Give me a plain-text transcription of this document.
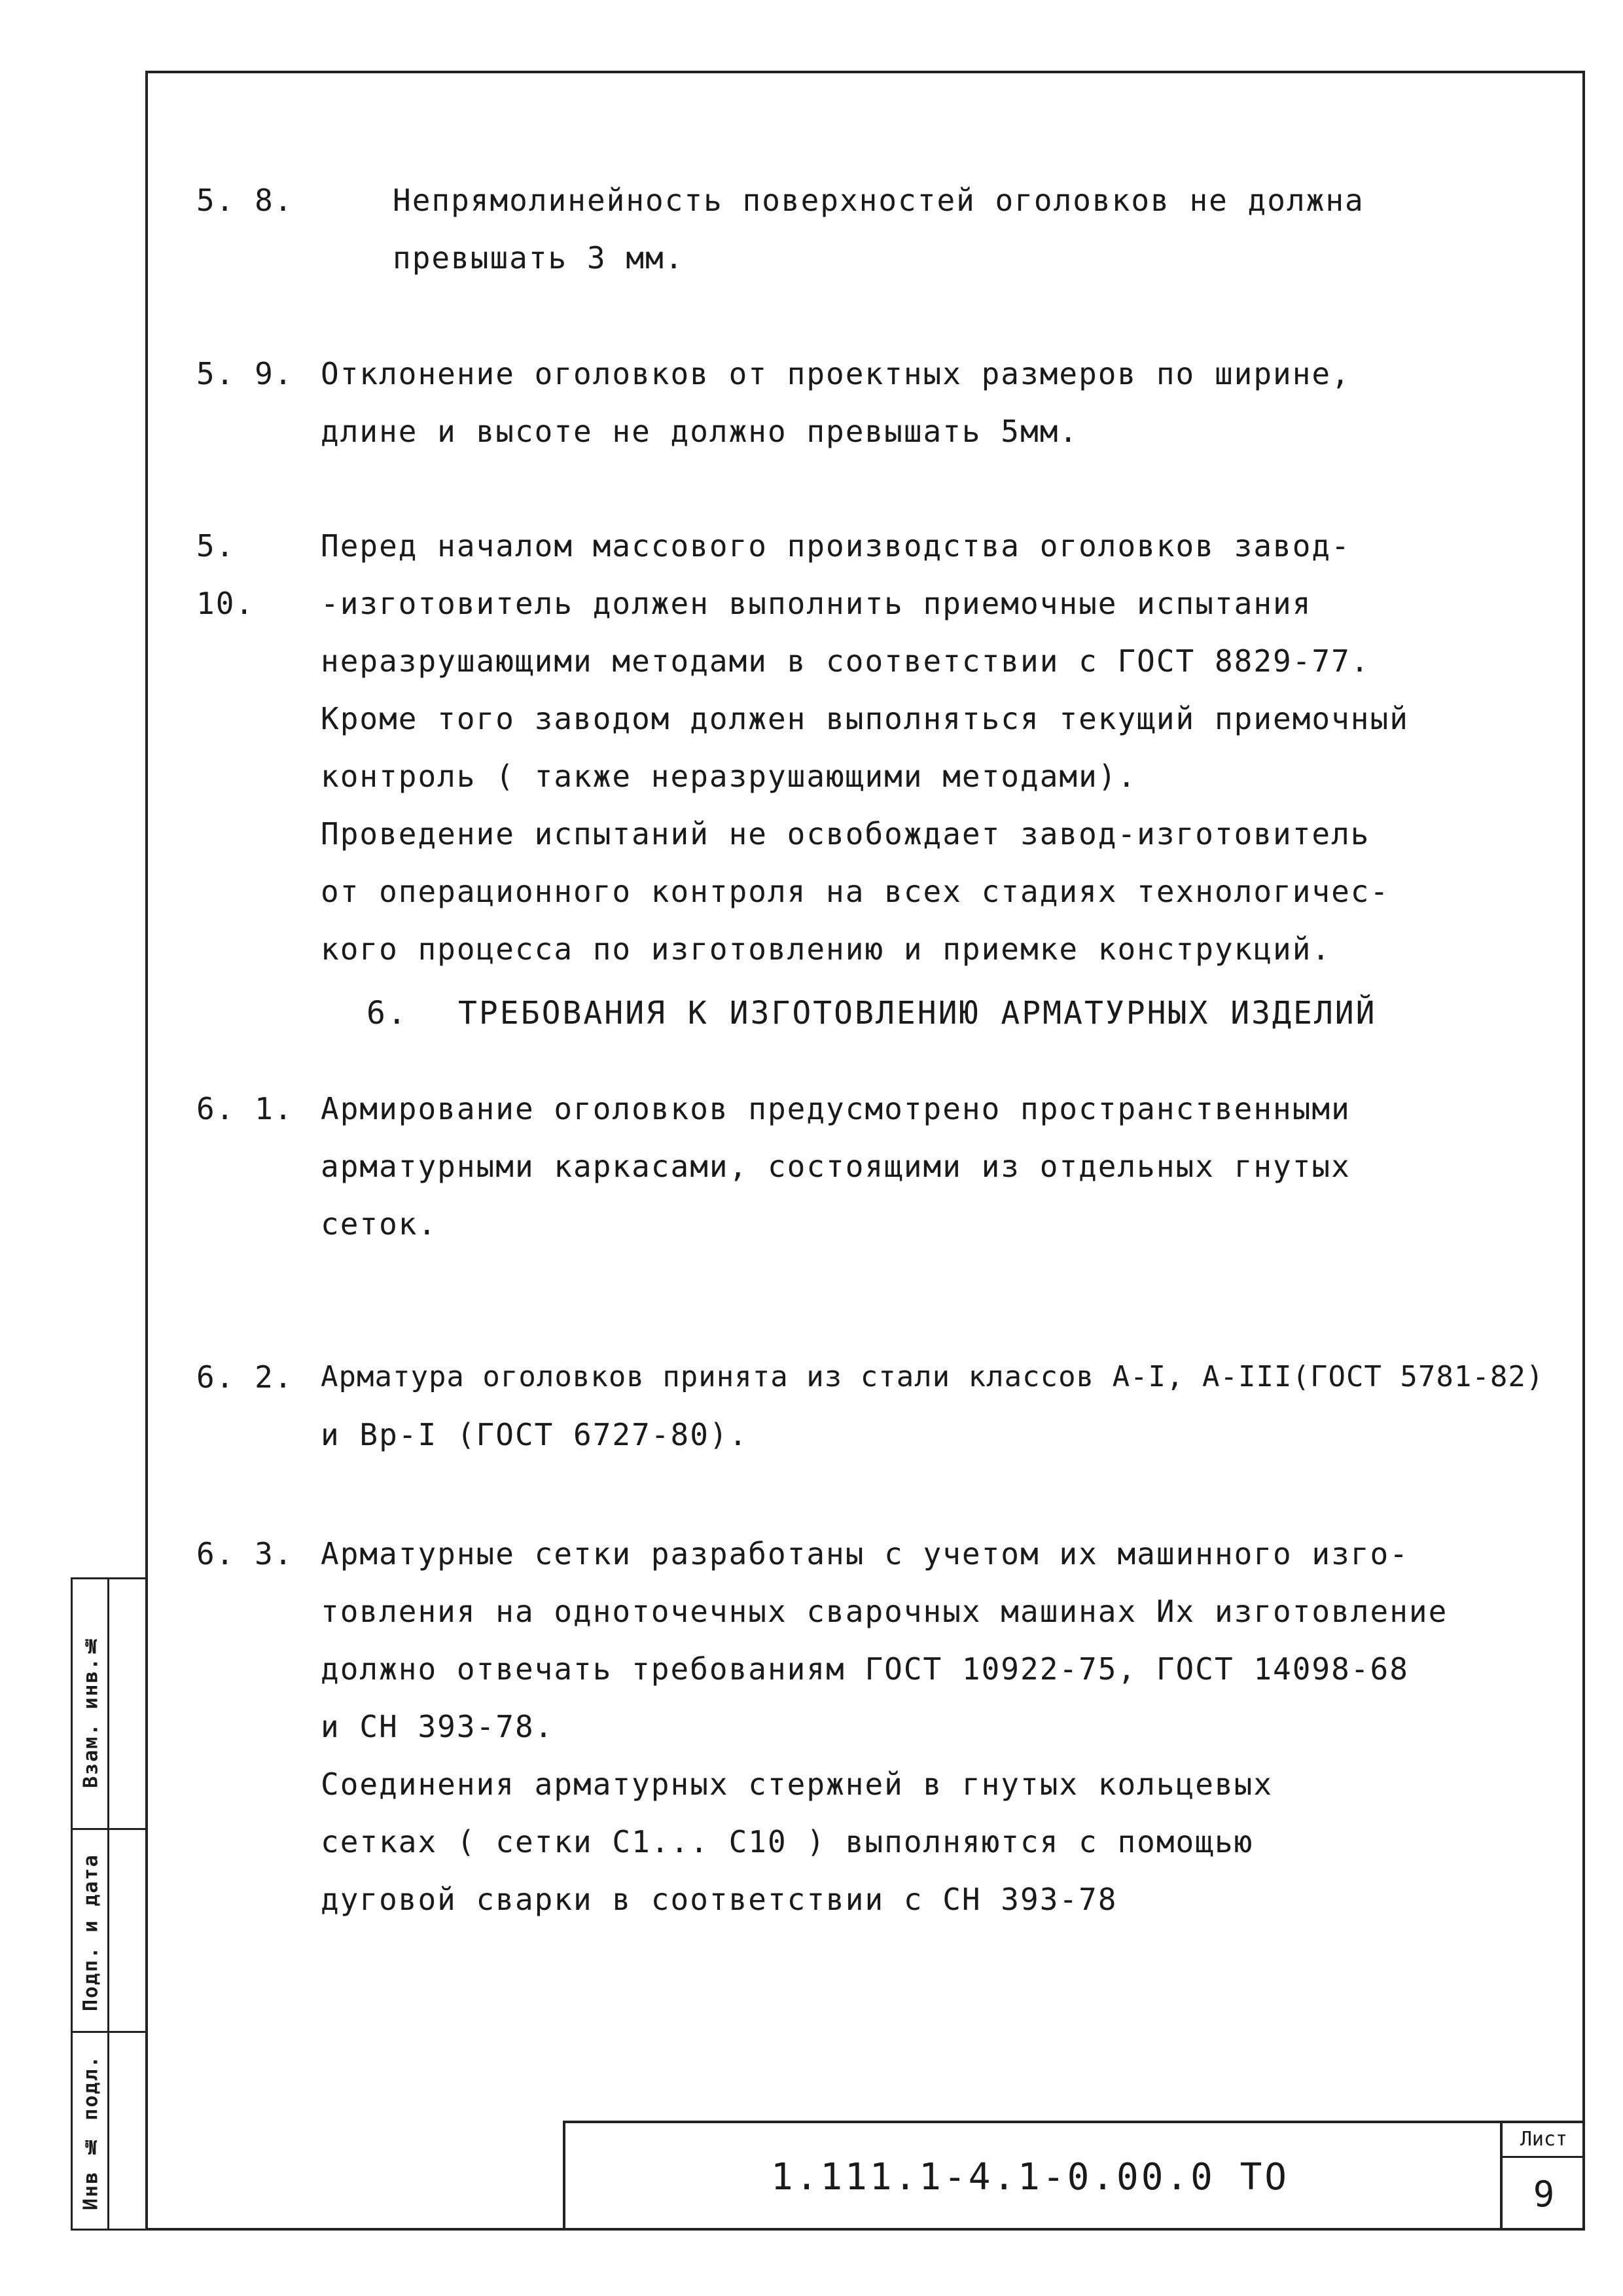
Взам. инв.№
Подп. и дата
Инв № подл.
5. 8.	Непрямолинейность поверхностей оголовков не должна

превышать 3 мм.

5. 9. Отклонение оголовков от проектных размеров по ширине,

длине и высоте не должно превышать 5мм.

5. 10.

Перед началом массового производства оголовков завод-

-изготовитель должен выполнить приемочные испытания

неразрушающими методами в соответствии с ГОСТ 8829-77.

Кроме того заводом должен выполняться текущий приемочный

контроль ( также неразрушающими методами).

Проведение испытаний не освобождает завод-изготовитель

от операционного контроля на всех стадиях технологичес-

кого процесса по изготовлению и приемке конструкций.

6. ТРЕБОВАНИЯ К ИЗГОТОВЛЕНИЮ АРМАТУРНЫХ ИЗДЕЛИЙ
6. 1. Армирование оголовков предусмотрено пространственными

арматурными каркасами, состоящими из отдельных гнутых

сеток.

6. 2. Арматура оголовков принята из стали классов А-I, А-III(ГОСТ 5781-82)

и Вр-I (ГОСТ 6727-80).

6. 3. Арматурные сетки разработаны с учетом их машинного изго-

товления на одноточечных сварочных машинах Их изготовление

должно отвечать требованиям ГОСТ 10922-75, ГОСТ 14098-68

и СН 393-78.

Соединения арматурных стержней в гнутых кольцевых

сетках ( сетки С1... С10 ) выполняются с помощью

дуговой сварки в соответствии с СН 393-78

1.111.1-4.1-0.00.0 ТО
Лист
9
